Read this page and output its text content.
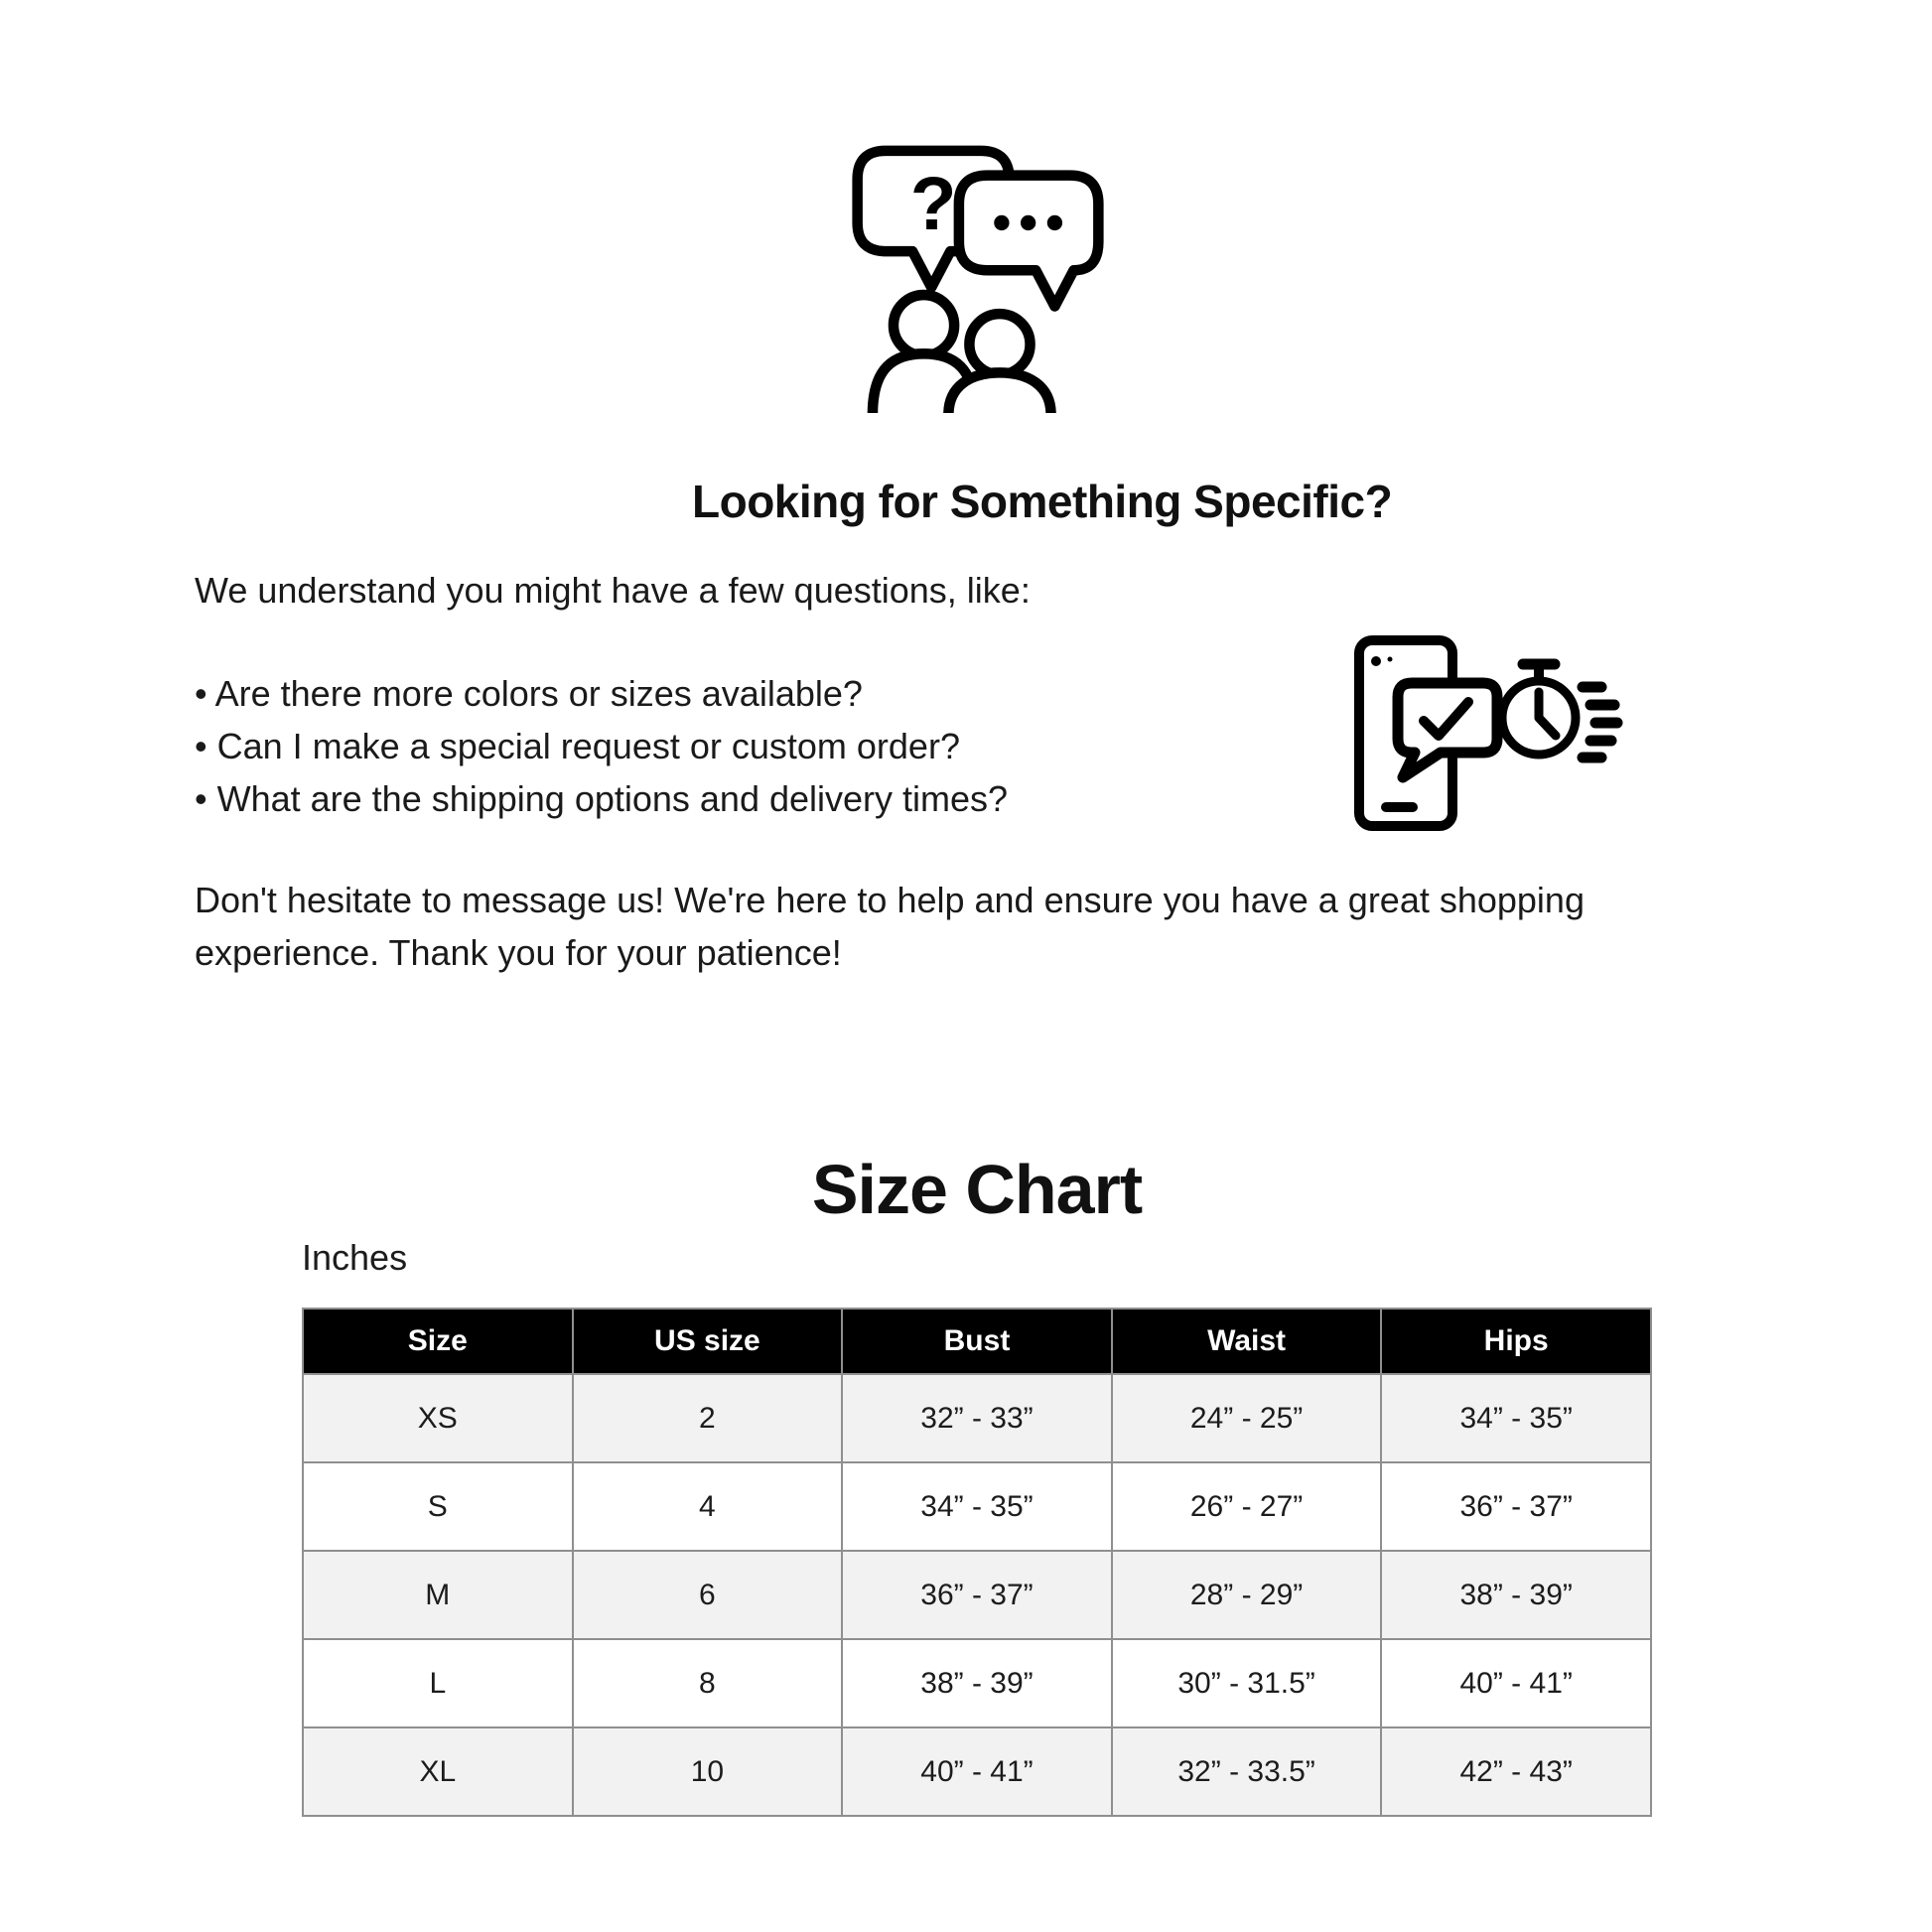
?
Looking for Something Specific?

We understand you might have a few questions, like:

• Are there more colors or sizes available?
• Can I make a special request or custom order?
• What are the shipping options and delivery times?
Don't hesitate to message us! We're here to help and ensure you have a great shopping
experience. Thank you for your patience!
Size Chart
Inches
Size	US size	Bust	Waist	Hips
XS	2	32” - 33”	24” - 25”	34” - 35”
S	4	34” - 35”	26” - 27”	36” - 37”
M	6	36” - 37”	28” - 29”	38” - 39”
L	8	38” - 39”	30” - 31.5”	40” - 41”
XL	10	40” - 41”	32” - 33.5”	42” - 43”
